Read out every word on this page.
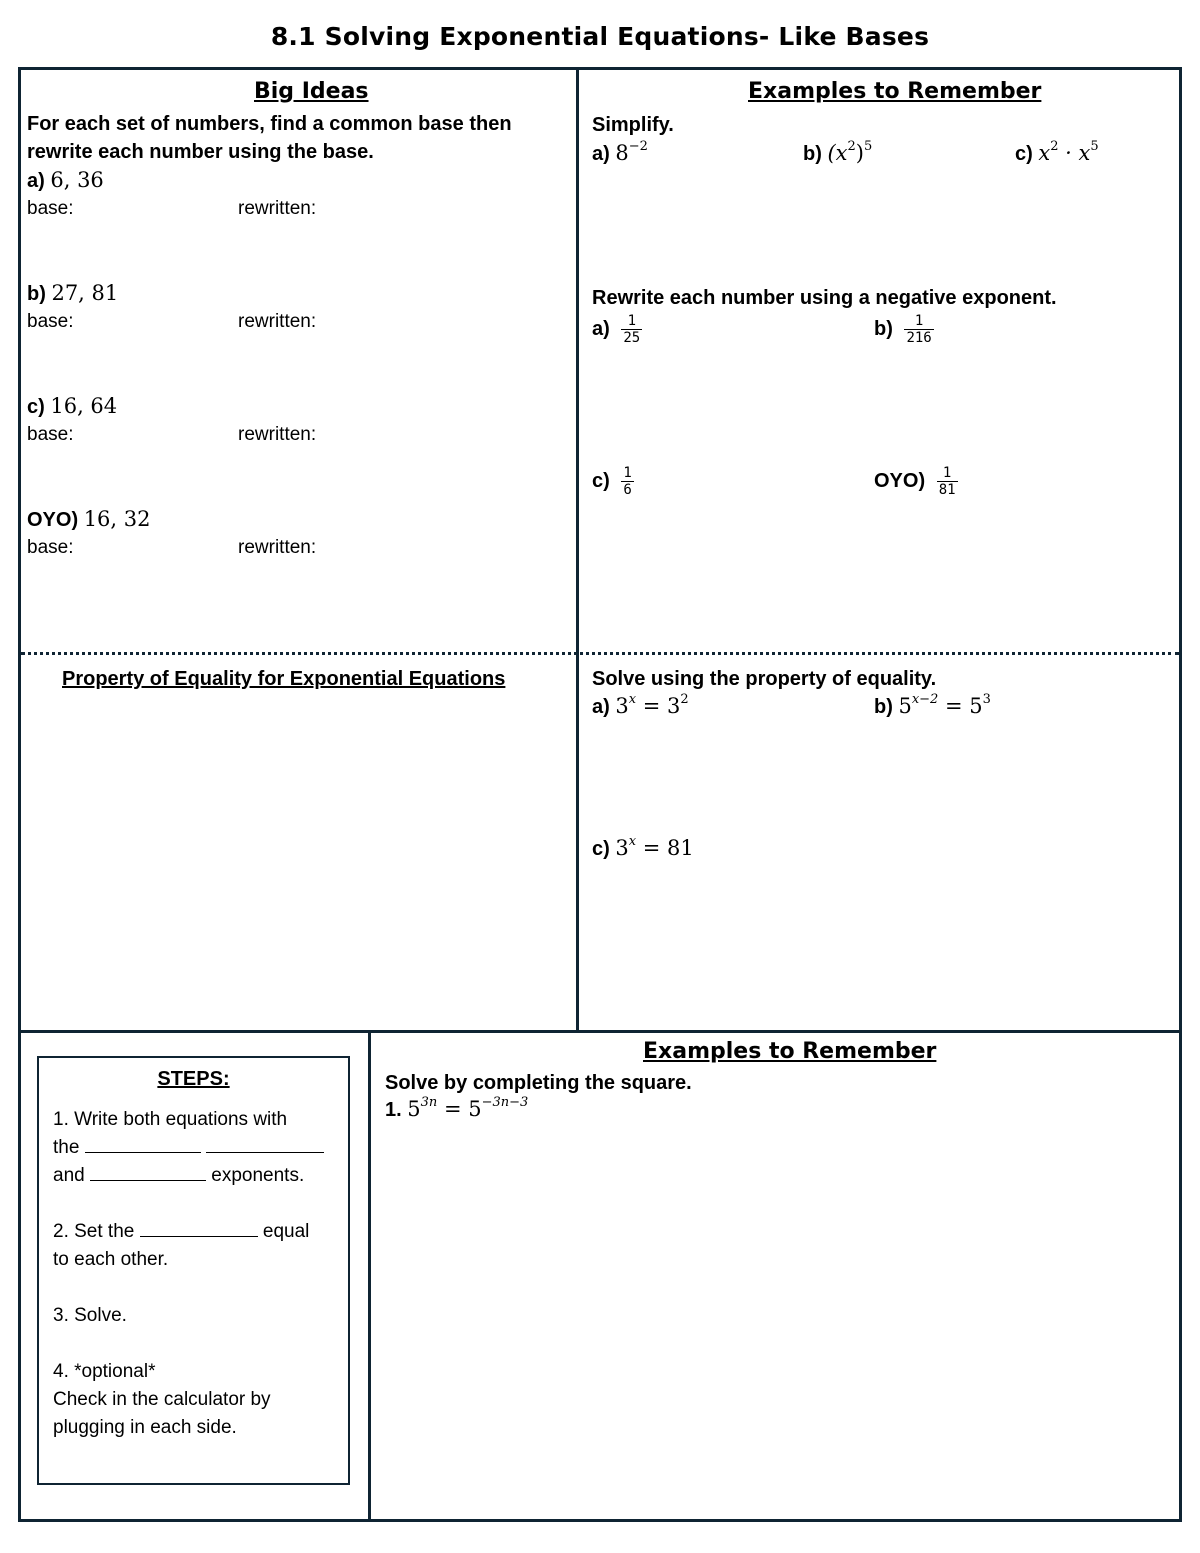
8.1 Solving Exponential Equations- Like Bases
Big Ideas
For each set of numbers, find a common base then
rewrite each number using the base.
a) 6, 36
base:	rewritten:
b) 27, 81
base:	rewritten:
c) 16, 64
base:	rewritten:
OYO) 16, 32
base:	rewritten:
Examples to Remember
Simplify.
a) $8^{-2}$	b) $(x^2)^5$	c) $x^2 \cdot x^5$
Rewrite each number using a negative exponent.
$a) \frac{1}{25}$	$b) \frac{1}{216}$
$c) \frac{1}{6}$	$OYO) \frac{1}{81}$
Property of Equality for Exponential Equations	Solve using the property of equality.
a) $3^x = 3^2$	b) $5^{x-2} = 5^3$
c) $3^x = 81$
STEPS:
1. Write both equations with
the
and	exponents.
2. Set the	equal
to each other.
3. Solve.
4. *optional*
Check in the calculator by
plugging in each side.
Examples to Remember
Solve by completing the square.
1. $5^{3n} = 5^{-3n-3}$
